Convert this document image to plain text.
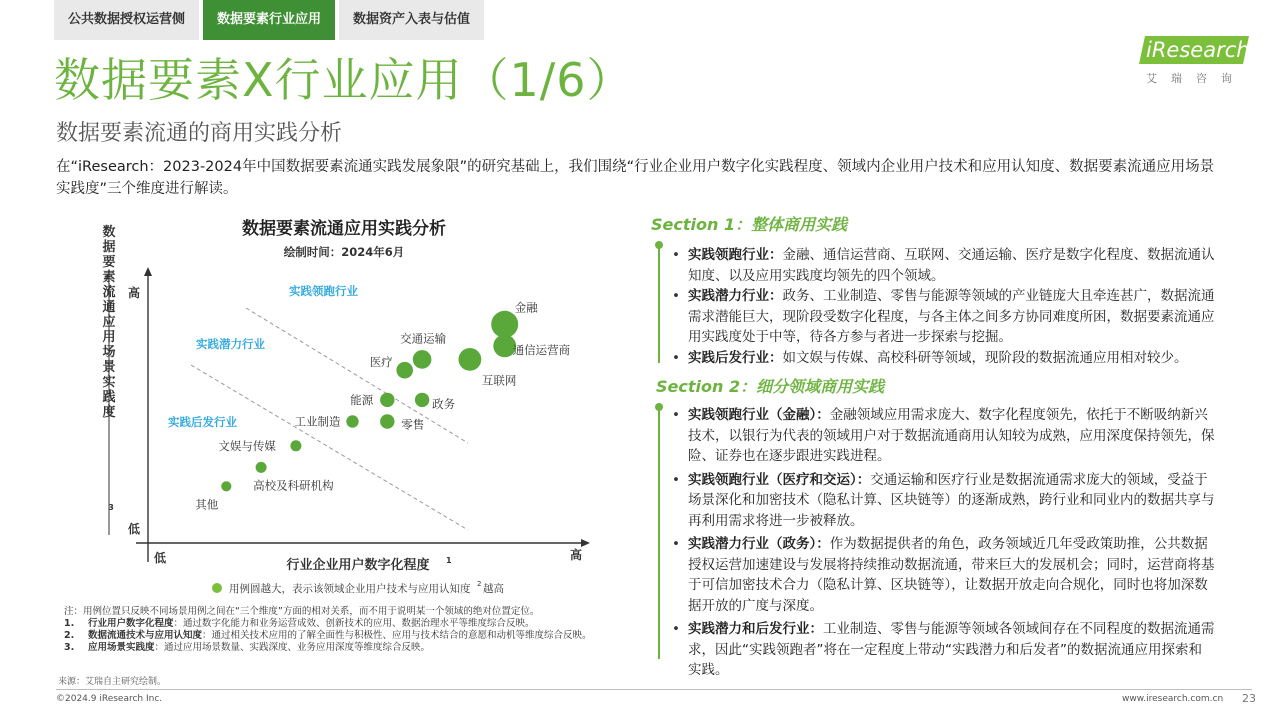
公共数据授权运营侧	数据要素行业应用	数据资产入表与估值
iResearch
艾瑞咨询
数据要素X行业应用（1/6）
数据要素流通的商用实践分析
在“iResearch：2023-2024年中国数据要素流通实践发展象限”的研究基础上，我们围绕“行业企业用户数字化实践程度、领域内企业用户技术和应用认知度、数据要素流通应用场景实践度”三个维度进行解读。
数据要素流通应用实践分析
绘制时间：2024年6月
高
低
低	高
数据要素流通应用场景实践度
3
行业企业用户数字化程度 1
实践领跑行业
实践潜力行业
实践后发行业
金融
通信运营商
互联网
交通运输
医疗
能源	政务
零售
工业制造
文娱与传媒
高校及科研机构
其他
用例圆越大，表示该领域企业用户技术与应用认知度 2 越高
Section 1：整体商用实践
• 实践领跑行业：金融、通信运营商、互联网、交通运输、医疗是数字化程度、数据流通认知度、以及应用实践度均领先的四个领域。
• 实践潜力行业：政务、工业制造、零售与能源等领域的产业链庞大且牵连甚广，数据流通需求潜能巨大，现阶段受数字化程度，与各主体之间多方协同难度所困，数据要素流通应用实践度处于中等，待各方参与者进一步探索与挖掘。
• 实践后发行业：如文娱与传媒、高校科研等领域，现阶段的数据流通应用相对较少。
Section 2：细分领域商用实践
• 实践领跑行业（金融）：金融领域应用需求庞大、数字化程度领先，依托于不断吸纳新兴技术，以银行为代表的领域用户对于数据流通商用认知较为成熟，应用深度保持领先，保险、证券也在逐步跟进实践进程。
• 实践领跑行业（医疗和交运）：交通运输和医疗行业是数据流通需求庞大的领域，受益于场景深化和加密技术（隐私计算、区块链等）的逐渐成熟，跨行业和同业内的数据共享与再利用需求将进一步被释放。
• 实践潜力行业（政务）：作为数据提供者的角色，政务领域近几年受政策助推，公共数据授权运营加速建设与发展将持续推动数据流通，带来巨大的发展机会；同时，运营商将基于可信加密技术合力（隐私计算、区块链等），让数据开放走向合规化，同时也将加深数据开放的广度与深度。
• 实践潜力和后发行业：工业制造、零售与能源等领域各领域间存在不同程度的数据流通需求，因此“实践领跑者”将在一定程度上带动“实践潜力和后发者”的数据流通应用探索和实践。
注：用例位置只反映不同场景用例之间在“三个维度”方面的相对关系，而不用于说明某一个领域的绝对位置定位。
1.	行业用户数字化程度：通过数字化能力和业务运营成效、创新技术的应用、数据治理水平等维度综合反映。
2.	数据流通技术与应用认知度：通过相关技术应用的了解全面性与积极性、应用与技术结合的意愿和动机等维度综合反映。
3.	应用场景实践度：通过应用场景数量、实践深度、业务应用深度等维度综合反映。
来源：艾瑞自主研究绘制。
©2024.9 iResearch Inc.	www.iresearch.com.cn 23
